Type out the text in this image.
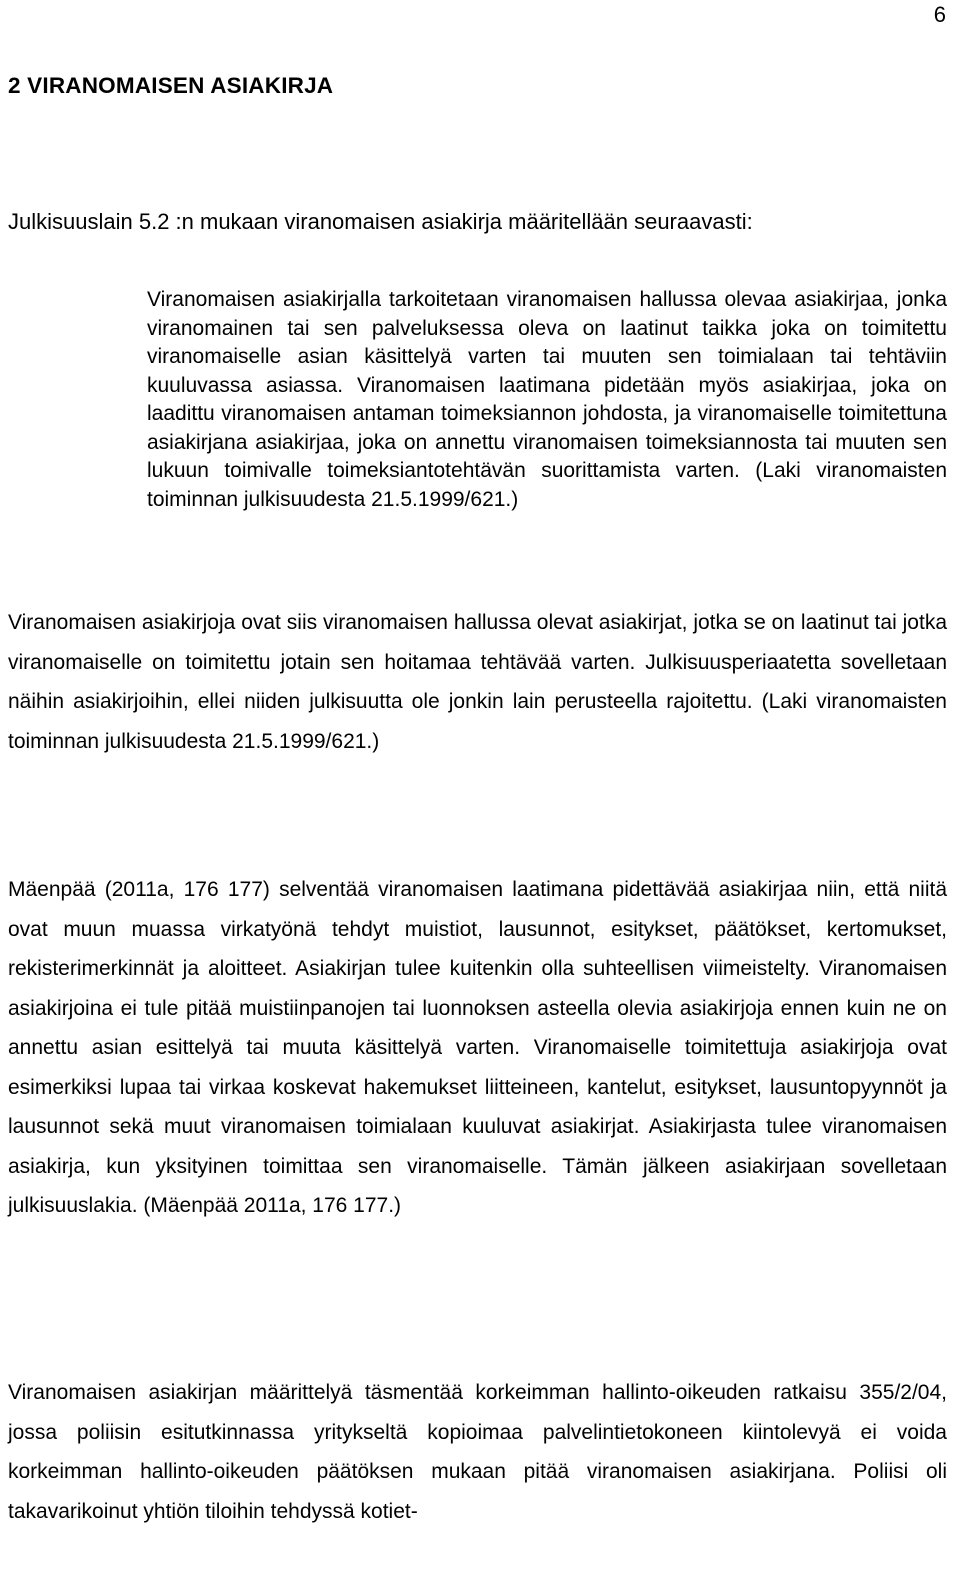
6
2 VIRANOMAISEN ASIAKIRJA

Julkisuuslain 5.2 :n mukaan viranomaisen asiakirja määritellään seuraavasti:

Viranomaisen asiakirjalla tarkoitetaan viranomaisen hallussa olevaa asiakirjaa, jonka viranomainen tai sen palveluksessa oleva on laatinut taikka joka on toimitettu viranomaiselle asian käsittelyä varten tai muuten sen toimialaan tai tehtäviin kuuluvassa asiassa. Viranomaisen laatimana pidetään myös asiakirjaa, joka on laadittu viranomaisen antaman toimeksiannon johdosta, ja viranomaiselle toimitettuna asiakirjana asiakirjaa, joka on annettu viranomaisen toimeksiannosta tai muuten sen lukuun toimivalle toimeksiantotehtävän suorittamista varten. (Laki viranomaisten toiminnan julkisuudesta 21.5.1999/621.)

Viranomaisen asiakirjoja ovat siis viranomaisen hallussa olevat asiakirjat, jotka se on laatinut tai jotka viranomaiselle on toimitettu jotain sen hoitamaa tehtävää varten. Julkisuusperiaatetta sovelletaan näihin asiakirjoihin, ellei niiden julkisuutta ole jonkin lain perusteella rajoitettu. (Laki viranomaisten toiminnan julkisuudesta 21.5.1999/621.)

Mäenpää (2011a, 176 177) selventää viranomaisen laatimana pidettävää asiakirjaa niin, että niitä ovat muun muassa virkatyönä tehdyt muistiot, lausunnot, esitykset, päätökset, kertomukset, rekisterimerkinnät ja aloitteet. Asiakirjan tulee kuitenkin olla suhteellisen viimeistelty. Viranomaisen asiakirjoina ei tule pitää muistiinpanojen tai luonnoksen asteella olevia asiakirjoja ennen kuin ne on annettu asian esittelyä tai muuta käsittelyä varten. Viranomaiselle toimitettuja asiakirjoja ovat esimerkiksi lupaa tai virkaa koskevat hakemukset liitteineen, kantelut, esitykset, lausuntopyynnöt ja lausunnot sekä muut viranomaisen toimialaan kuuluvat asiakirjat. Asiakirjasta tulee viranomaisen asiakirja, kun yksityinen toimittaa sen viranomaiselle. Tämän jälkeen asiakirjaan sovelletaan julkisuuslakia. (Mäenpää 2011a, 176 177.)

Viranomaisen asiakirjan määrittelyä täsmentää korkeimman hallinto-oikeuden ratkaisu 355/2/04, jossa poliisin esitutkinnassa yritykseltä kopioimaa palvelintietokoneen kiintolevyä ei voida korkeimman hallinto-oikeuden päätöksen mukaan pitää viranomaisen asiakirjana. Poliisi oli takavarikoinut yhtiön tiloihin tehdyssä kotiet-
